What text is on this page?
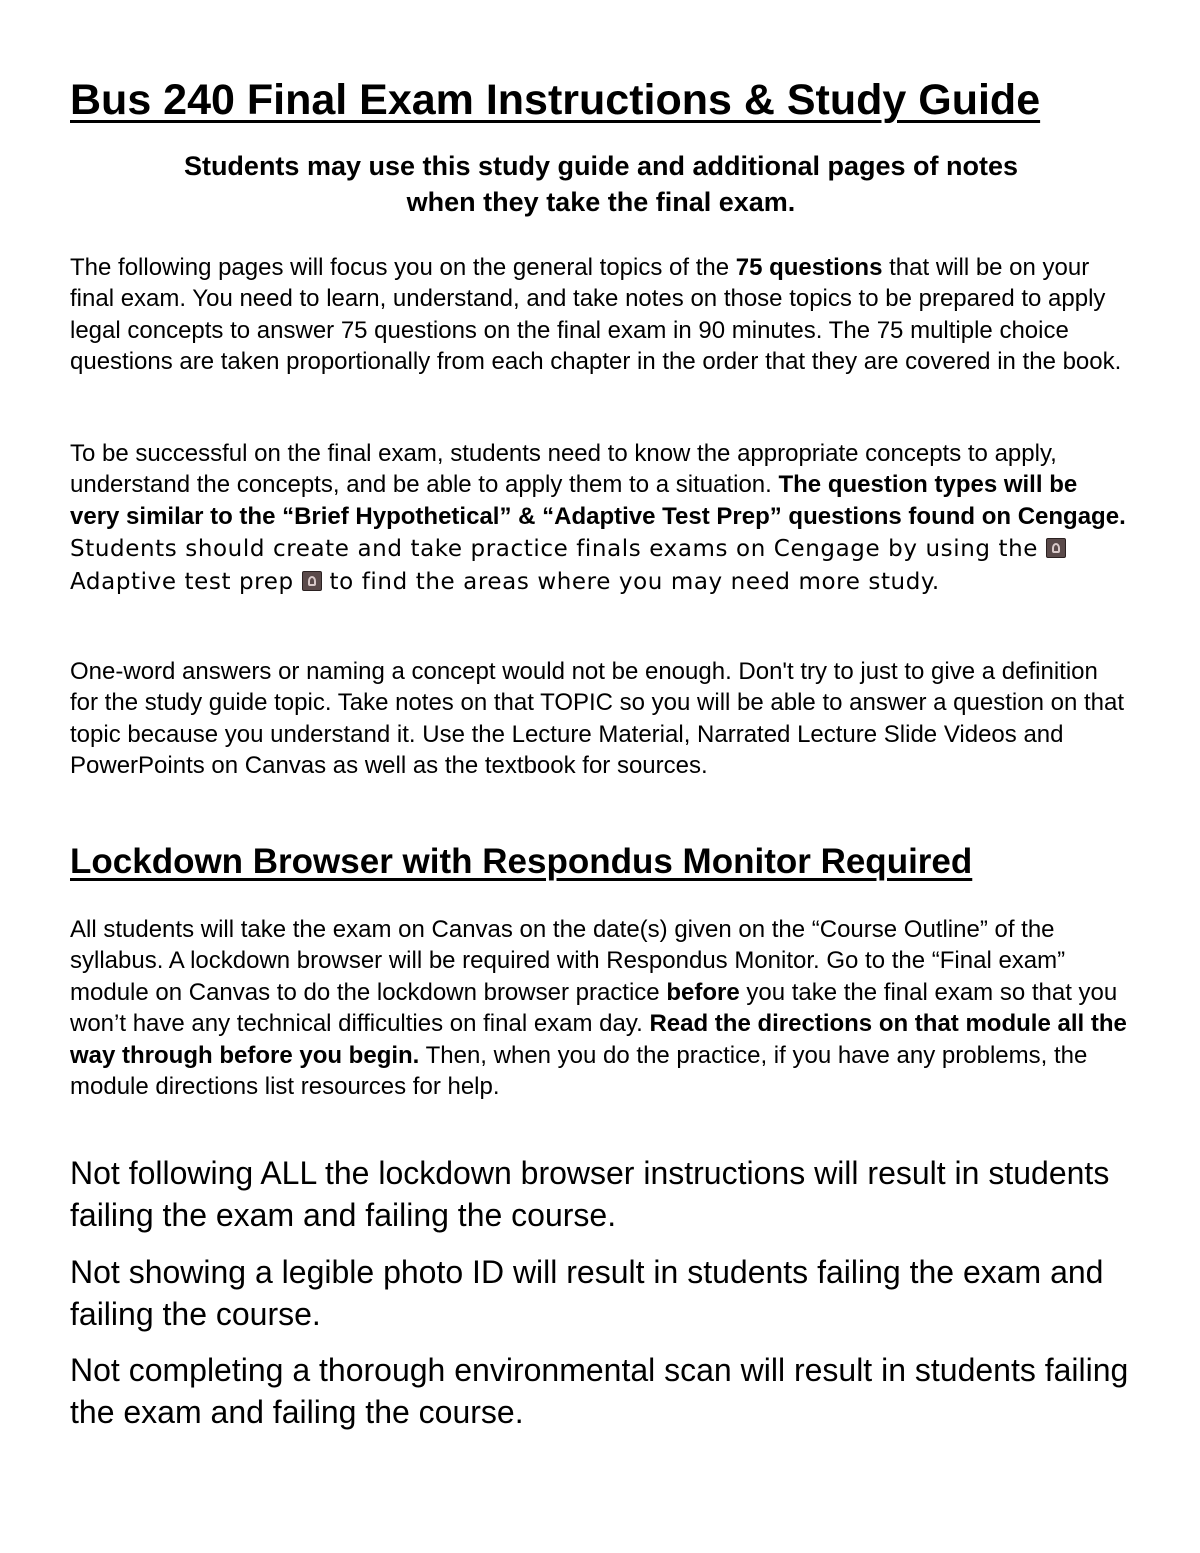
Bus 240 Final Exam Instructions & Study Guide

Students may use this study guide and additional pages of notes
when they take the final exam.

The following pages will focus you on the general topics of the 75 questions that will be on your final exam. You need to learn, understand, and take notes on those topics to be prepared to apply legal concepts to answer 75 questions on the final exam in 90 minutes. The 75 multiple choice questions are taken proportionally from each chapter in the order that they are covered in the book.

To be successful on the final exam, students need to know the appropriate concepts to apply, understand the concepts, and be able to apply them to a situation. The question types will be very similar to the “Brief Hypothetical” & “Adaptive Test Prep” questions found on Cengage. Students should create and take practice finals exams on Cengage by using the Adaptive test prep  to find the areas where you may need more study.

One-word answers or naming a concept would not be enough. Don't try to just to give a definition for the study guide topic. Take notes on that TOPIC so you will be able to answer a question on that topic because you understand it. Use the Lecture Material, Narrated Lecture Slide Videos and PowerPoints on Canvas as well as the textbook for sources.

Lockdown Browser with Respondus Monitor Required

All students will take the exam on Canvas on the date(s) given on the “Course Outline” of the syllabus. A lockdown browser will be required with Respondus Monitor. Go to the “Final exam” module on Canvas to do the lockdown browser practice before you take the final exam so that you won’t have any technical difficulties on final exam day. Read the directions on that module all the way through before you begin. Then, when you do the practice, if you have any problems, the module directions list resources for help.

Not following ALL the lockdown browser instructions will result in students failing the exam and failing the course.

Not showing a legible photo ID will result in students failing the exam and failing the course.

Not completing a thorough environmental scan will result in students failing the exam and failing the course.
